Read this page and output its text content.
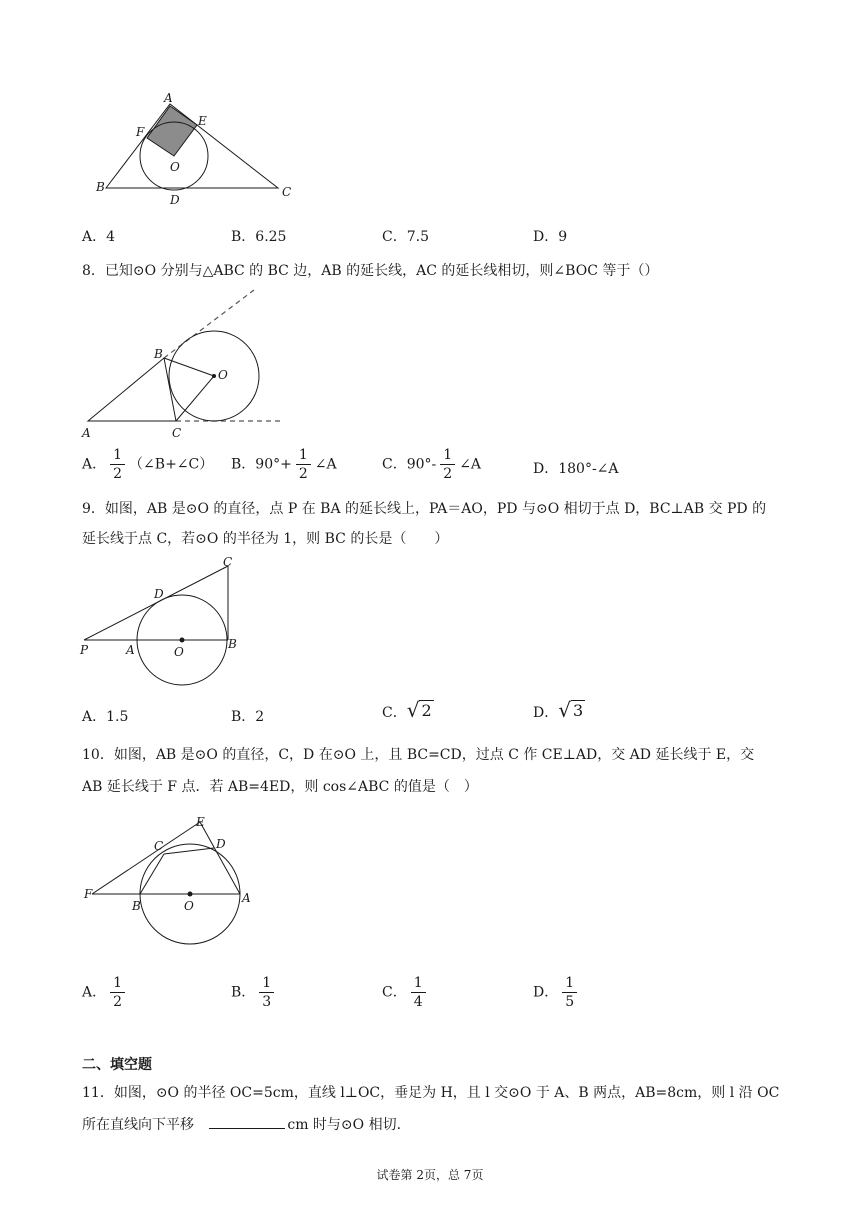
A
E
F
O
B
D
C
A．4	B．6.25	C．7.5	D．9
8．已知⊙O 分别与△ABC 的 BC 边，AB 的延长线，AC 的延长线相切，则∠BOC 等于（）
B
O
A	C
A． $\frac{1}{2}$ （∠B+∠C） B．$90^\circ+ \frac{1}{2}$ ∠A	C．$90^\circ- \frac{1}{2}$ ∠A	D．180°-∠A
9．如图，AB 是⊙O 的直径，点 P 在 BA 的延长线上，PA＝AO，PD 与⊙O 相切于点 D，BC⊥AB 交 PD 的
延长线于点 C，若⊙O 的半径为 1，则 BC 的长是（　　）
C
D
P	A	O
B
A．1.5	B．2	C． √ 2	D． √ 3
10．如图，AB 是⊙O 的直径，C，D 在⊙O 上，且 BC=CD，过点 C 作 CE⊥AD，交 AD 延长线于 E，交
AB 延长线于 F 点．若 AB=4ED，则 cos∠ABC 的值是（　）
E
C	D
F
B	O
A
A． $\frac{1}{2}$	B． $\frac{1}{3}$	C． $\frac{1}{4}$	D． $\frac{1}{5}$
二、填空题
11．如图，⊙O 的半径 OC=5cm，直线 l⊥OC，垂足为 H，且 l 交⊙O 于 A、B 两点，AB=8cm，则 l 沿 OC
所在直线向下平移	cm 时与⊙O 相切.
试卷第 2页，总 7页
